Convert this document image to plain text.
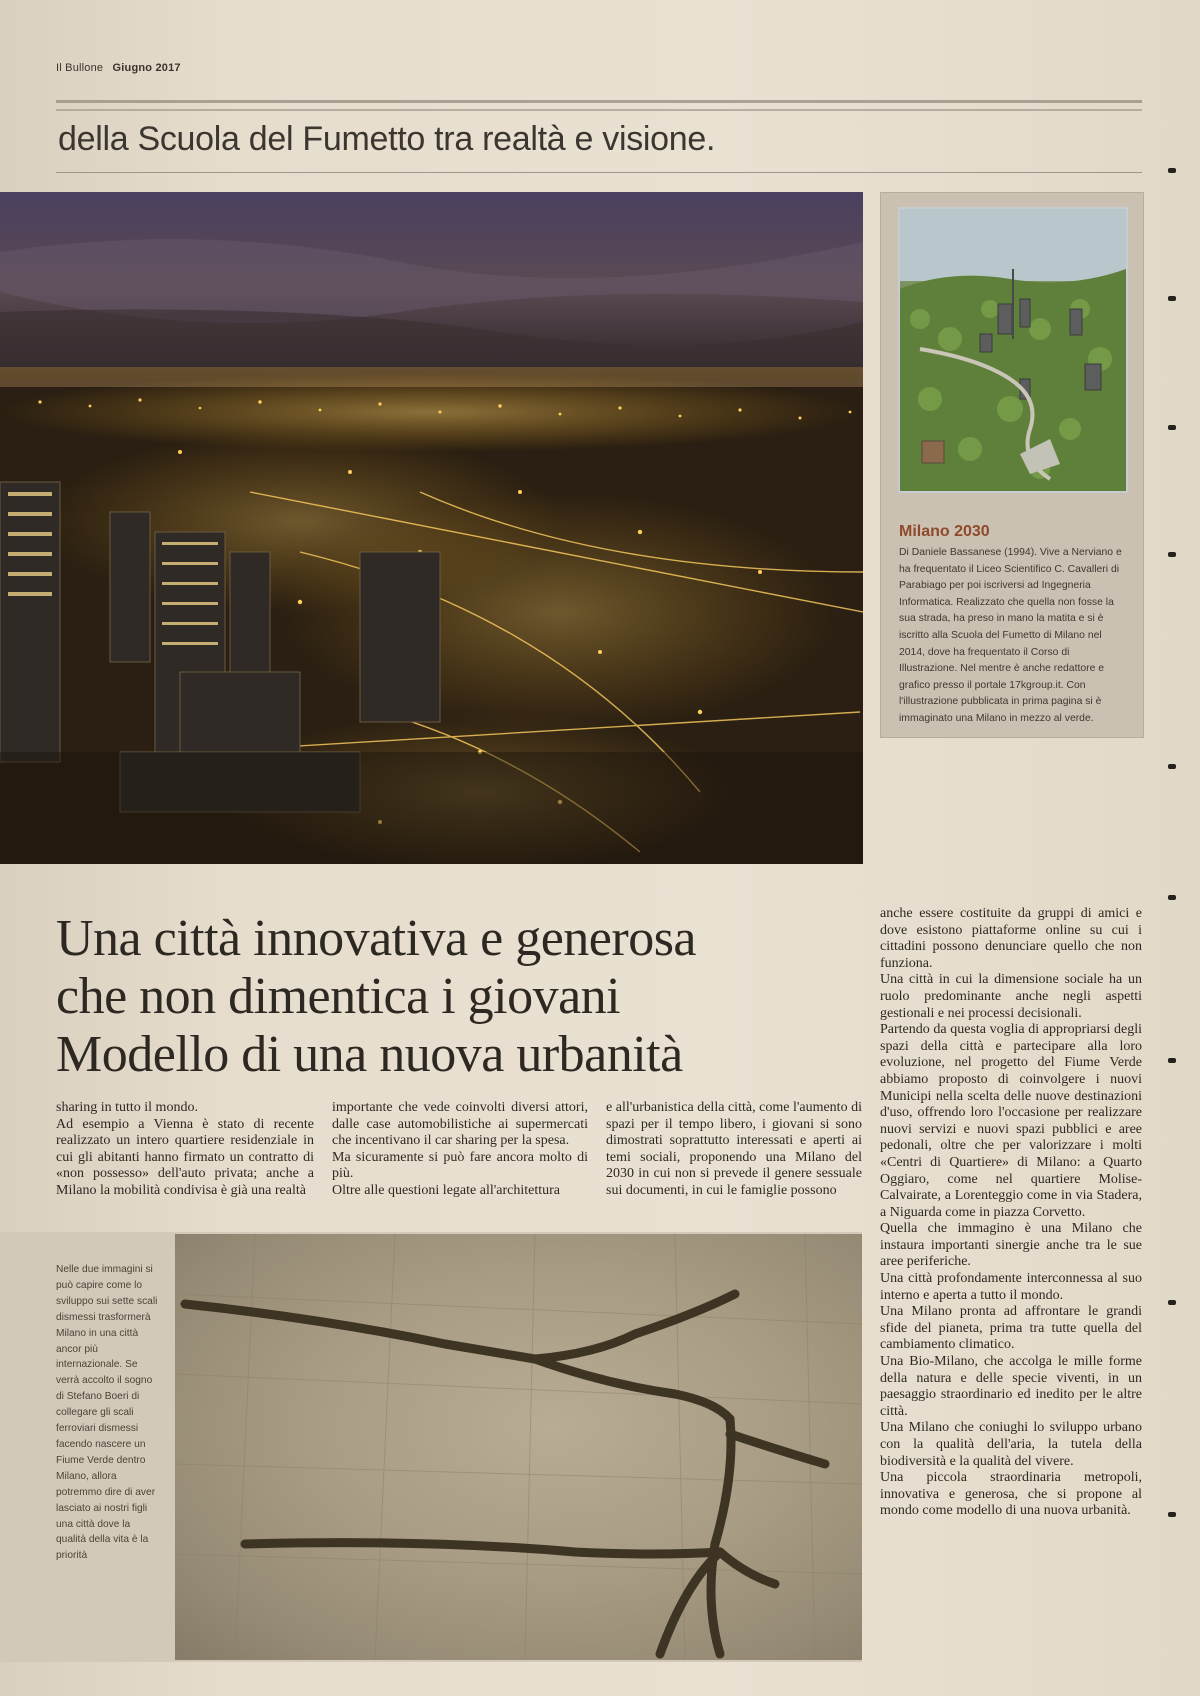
Il Bullone Giugno 2017
della Scuola del Fumetto tra realtà e visione.
Milano 2030
Di Daniele Bassanese (1994). Vive a Nerviano e ha frequentato il Liceo Scientifico C. Cavalleri di Parabiago per poi iscriversi ad Ingegneria Informatica. Realizzato che quella non fosse la sua strada, ha preso in mano la matita e si è iscritto alla Scuola del Fumetto di Milano nel 2014, dove ha frequentato il Corso di Illustrazione. Nel mentre è anche redattore e grafico presso il portale 17kgroup.it. Con l'illustrazione pubblicata in prima pagina si è immaginato una Milano in mezzo al verde.
Una città innovativa e generosa
che non dimentica i giovani
Modello di una nuova urbanità

sharing in tutto il mondo.

Ad esempio a Vienna è stato di recente realizzato un intero quartiere residenziale in cui gli abitanti hanno firmato un contratto di «non possesso» dell'auto privata; anche a Milano la mobilità condivisa è già una realtà

importante che vede coinvolti diversi attori, dalle case automobilistiche ai supermercati che incentivano il car sharing per la spesa.

Ma sicuramente si può fare ancora molto di più.

Oltre alle questioni legate all'architettura

e all'urbanistica della città, come l'aumento di spazi per il tempo libero, i giovani si sono dimostrati soprattutto interessati e aperti ai temi sociali, proponendo una Milano del 2030 in cui non si prevede il genere sessuale sui documenti, in cui le famiglie possono

anche essere costituite da gruppi di amici e dove esistono piattaforme online su cui i cittadini possono denunciare quello che non funziona.

Una città in cui la dimensione sociale ha un ruolo predominante anche negli aspetti gestionali e nei processi decisionali.

Partendo da questa voglia di appropriarsi degli spazi della città e partecipare alla loro evoluzione, nel progetto del Fiume Verde abbiamo proposto di coinvolgere i nuovi Municipi nella scelta delle nuove destinazioni d'uso, offrendo loro l'occasione per realizzare nuovi servizi e nuovi spazi pubblici e aree pedonali, oltre che per valorizzare i molti «Centri di Quartiere» di Milano: a Quarto Oggiaro, come nel quartiere Molise- Calvairate, a Lorenteggio come in via Stadera, a Niguarda come in piazza Corvetto.

Quella che immagino è una Milano che instaura importanti sinergie anche tra le sue aree periferiche.

Una città profondamente interconnessa al suo interno e aperta a tutto il mondo.

Una Milano pronta ad affrontare le grandi sfide del pianeta, prima tra tutte quella del cambiamento climatico.

Una Bio-Milano, che accolga le mille forme della natura e delle specie viventi, in un paesaggio straordinario ed inedito per le altre città.

Una Milano che coniughi lo sviluppo urbano con la qualità dell'aria, la tutela della biodiversità e la qualità del vivere.

Una piccola straordinaria metropoli, innovativa e generosa, che si propone al mondo come modello di una nuova urbanità.

Nelle due immagini si può capire come lo sviluppo sui sette scali dismessi trasformerà Milano in una città ancor più internazionale. Se verrà accolto il sogno di Stefano Boeri di collegare gli scali ferroviari dismessi facendo nascere un Fiume Verde dentro Milano, allora potremmo dire di aver lasciato ai nostri figli una città dove la qualità della vita è la priorità
